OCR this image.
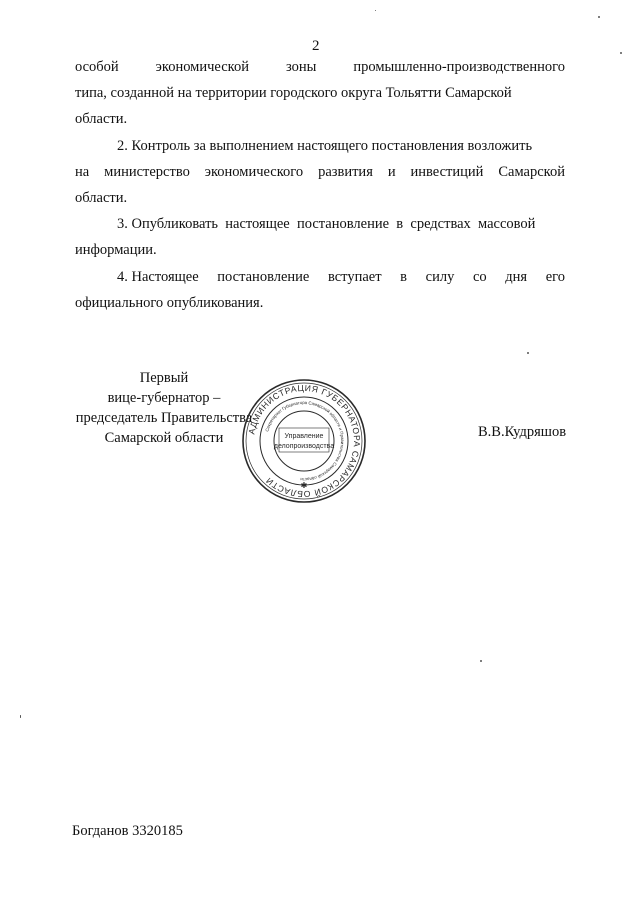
2
особой	экономической	зоны	промышленно-производственного
типа, созданной на территории городского округа Тольятти Самарской
области.
2. Контроль за выполнением настоящего постановления возложить
на министерство экономического развития и инвестиций Самарской
области.
3. Опубликовать  настоящее  постановление  в  средствах  массовой
информации.
4. Настоящее постановление вступает в силу со дня его
официального опубликования.
Первый
вице-губернатор –
председатель Правительства
Самарской области	АДМИНИСТРАЦИЯ ГУБЕРНАТОРА САМАРСКОЙ ОБЛАСТИ
Секретариат Губернатора Самарской области и Правительства Самарской области
Управление
делопроизводства
✱
В.В.Кудряшов
Богданов 3320185
